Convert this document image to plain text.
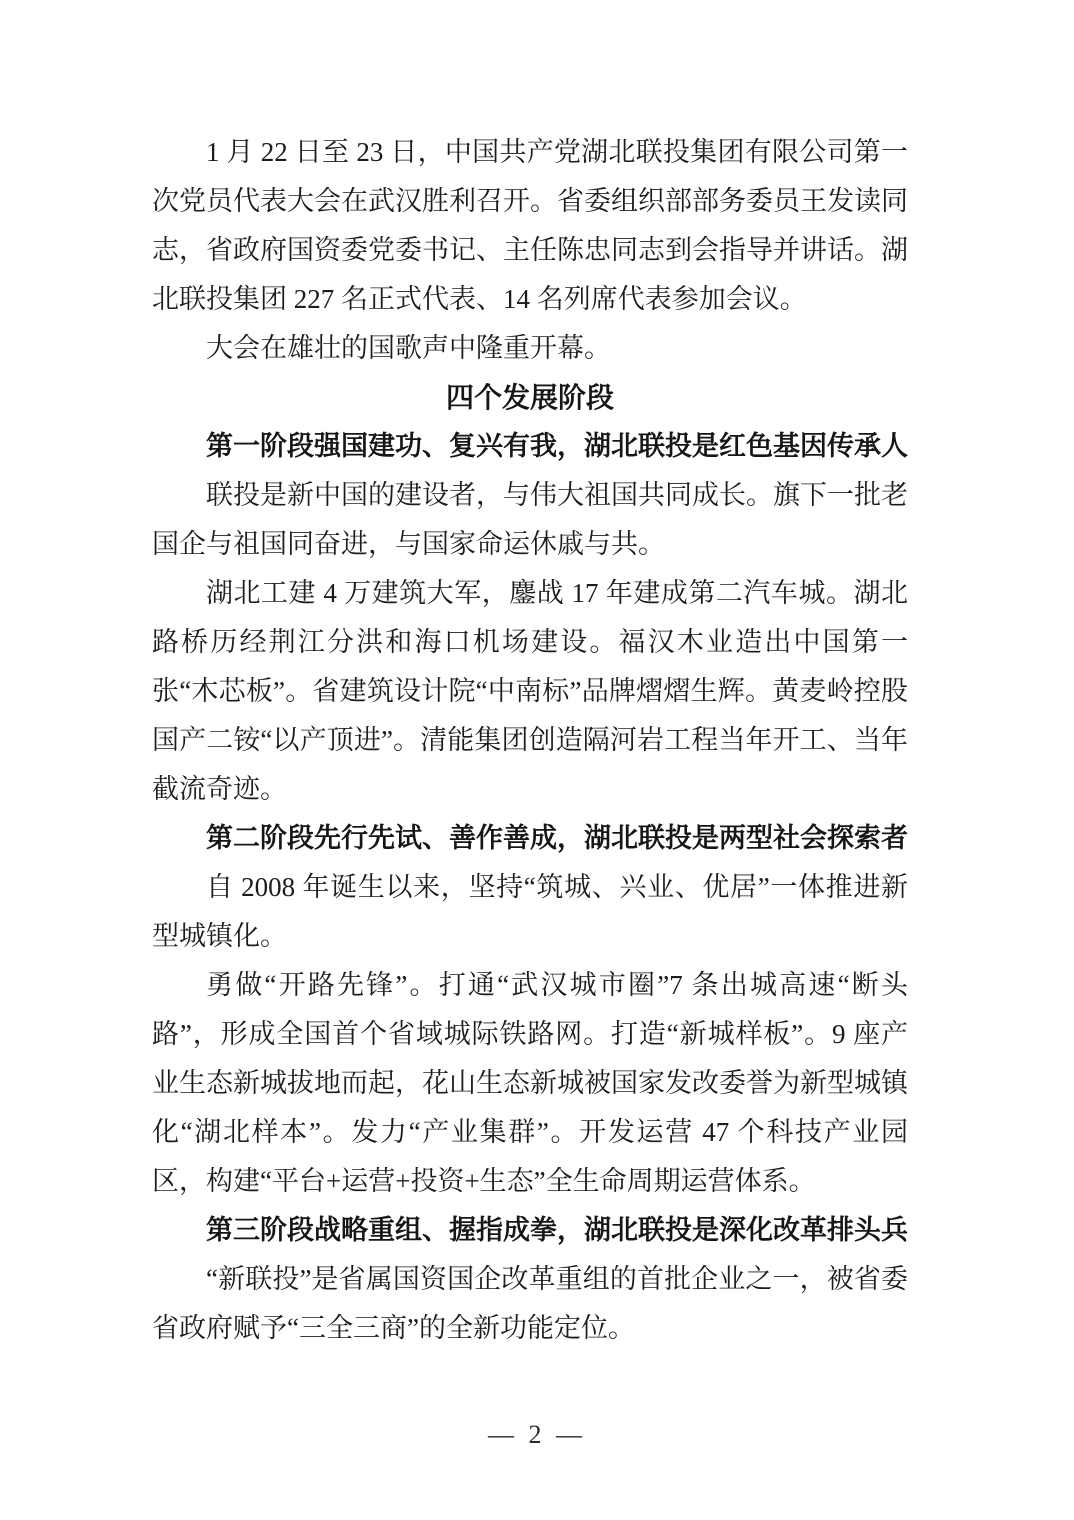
1 月 22 日至 23 日，中国共产党湖北联投集团有限公司第一次党员代表大会在武汉胜利召开。省委组织部部务委员王发读同志，省政府国资委党委书记、主任陈忠同志到会指导并讲话。湖北联投集团 227 名正式代表、14 名列席代表参加会议。

大会在雄壮的国歌声中隆重开幕。

四个发展阶段

第一阶段强国建功、复兴有我，湖北联投是红色基因传承人

联投是新中国的建设者，与伟大祖国共同成长。旗下一批老国企与祖国同奋进，与国家命运休戚与共。

湖北工建 4 万建筑大军，鏖战 17 年建成第二汽车城。湖北路桥历经荆江分洪和海口机场建设。福汉木业造出中国第一张“木芯板”。省建筑设计院“中南标”品牌熠熠生辉。黄麦岭控股国产二铵“以产顶进”。清能集团创造隔河岩工程当年开工、当年截流奇迹。

第二阶段先行先试、善作善成，湖北联投是两型社会探索者

自 2008 年诞生以来，坚持“筑城、兴业、优居”一体推进新型城镇化。

勇做“开路先锋”。打通“武汉城市圈”7 条出城高速“断头路”，形成全国首个省域城际铁路网。打造“新城样板”。9 座产业生态新城拔地而起，花山生态新城被国家发改委誉为新型城镇化“湖北样本”。发力“产业集群”。开发运营 47 个科技产业园区，构建“平台+运营+投资+生态”全生命周期运营体系。

第三阶段战略重组、握指成拳，湖北联投是深化改革排头兵

“新联投”是省属国资国企改革重组的首批企业之一，被省委省政府赋予“三全三商”的全新功能定位。

— 2 —
